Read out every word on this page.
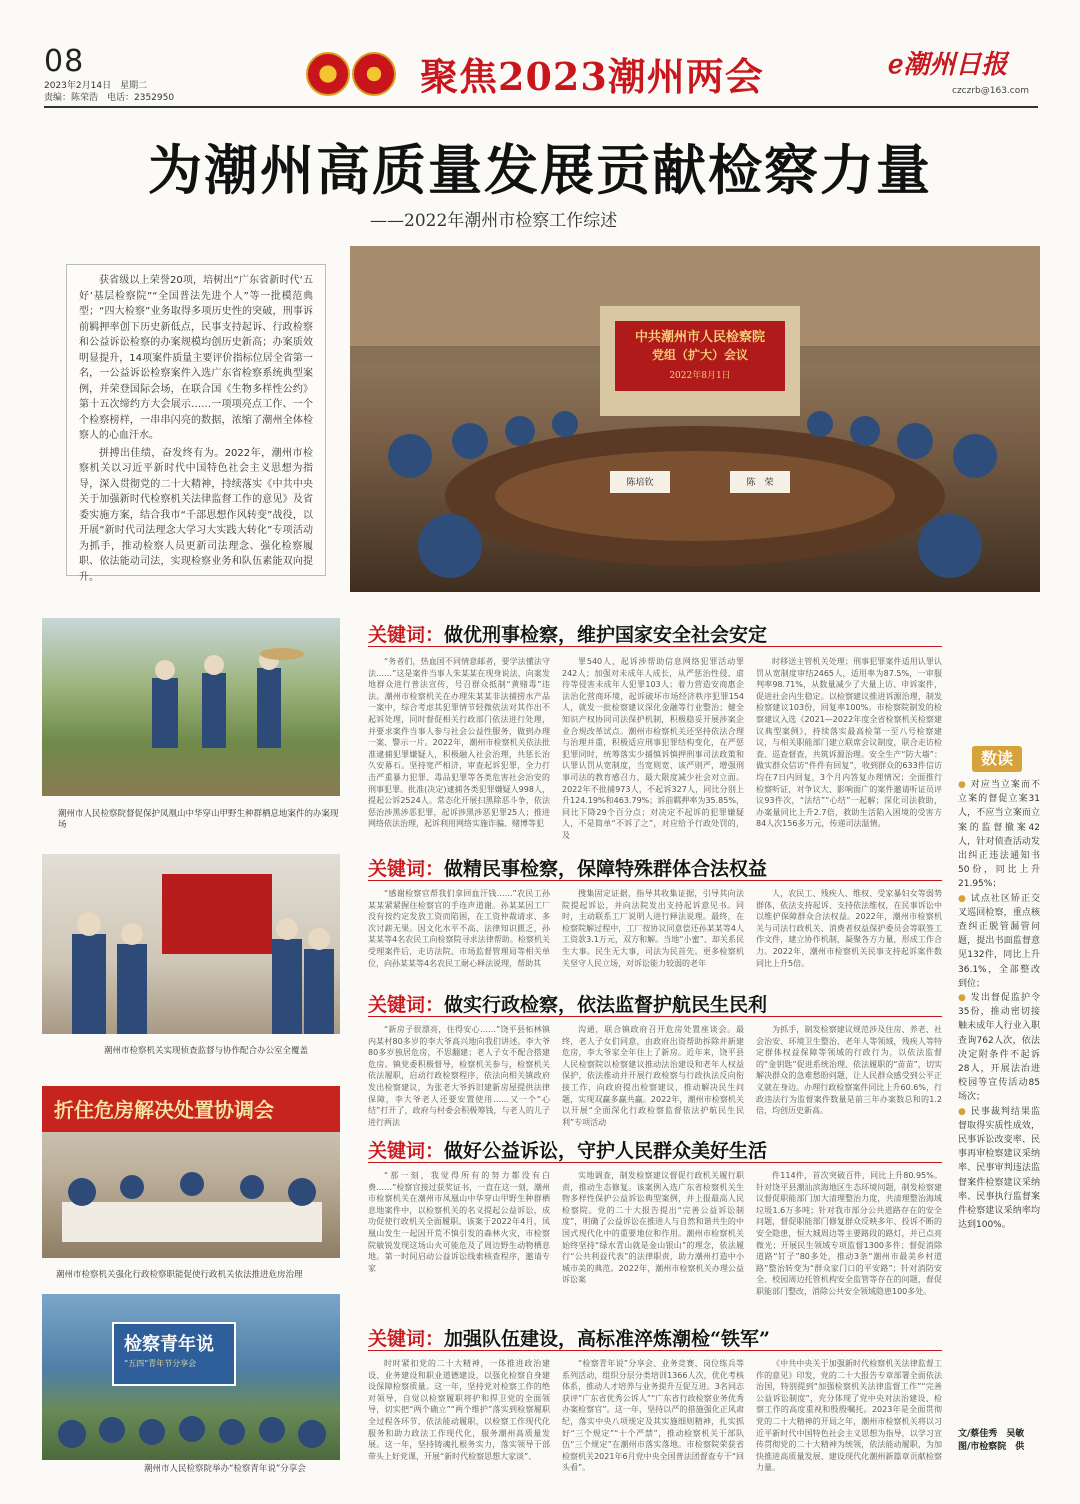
08
2023年2月14日　星期二
责编：陈荣浩　电话：2352950	聚焦2023潮州两会	ℯ潮州日报
czczrb@163.com
为潮州高质量发展贡献检察力量
——2022年潮州市检察工作综述

获省级以上荣誉20项，培树出“广东省新时代‘五好’基层检察院”“全国普法先进个人”等一批模范典型；“四大检察”业务取得多项历史性的突破，刑事诉前羁押率创下历史新低点，民事支持起诉、行政检察和公益诉讼检察的办案规模均创历史新高；办案质效明显提升，14项案件质量主要评价指标位居全省第一名，一公益诉讼检察案件入选广东省检察系统典型案例，并荣登国际会场，在联合国《生物多样性公约》第十五次缔约方大会展示……一项项亮点工作、一个个检察榜样，一串串闪亮的数据，浓缩了潮州全体检察人的心血汗水。

拼搏出佳绩，奋发终有为。2022年，潮州市检察机关以习近平新时代中国特色社会主义思想为指导，深入贯彻党的二十大精神，持续落实《中共中央关于加强新时代检察机关法律监督工作的意见》及省委实施方案，结合我市“千部思想作风转变”战役，以开展“新时代司法理念大学习大实践大转化”专项活动为抓手，推动检察人员更新司法理念、强化检察履职、依法能动司法，实现检察业务和队伍素能双向提升。

中共潮州市人民检察院
党组（扩大）会议
2022年8月1日
陈培钦	陈　荣
潮州市人民检察院督促保护凤凰山中华穿山甲野生种群栖息地案件的办案现场
潮州市检察机关实现侦查监督与协作配合办公室全覆盖
折住危房解决处置协调会
潮州市检察机关强化行政检察职能促使行政机关依法推进危房治理
检察青年说
“五四”青年节分享会
潮州市人民检察院举办“检察青年说”分享会
关键词：做优刑事检察，维护国家安全社会安定

“务者们，热血国不同情意邮者，要学法懂法守法……”这是案件当事人朱某某在现身说法，向案发地群众进行普法宣传，号召群众抵制“黄赌毒”违法。潮州市检察机关在办理朱某某非法捕捞水产品一案中，综合考虑其犯罪情节轻微依法对其作出不起诉处理，同时督促相关行政部门依法进行处理，并要求案件当事人参与社会公益性服务，做到办理一案、警示一片。2022年，潮州市检察机关依法批准逮捕犯罪嫌疑人，积极融入社会治理，共惩长治久安幕石。坚持宽严相济，审查起诉犯罪，全力打击严重暴力犯罪、毒品犯罪等各类危害社会治安的刑事犯罪。批准(决定)逮捕各类犯罪嫌疑人998人，提起公诉2524人。常态化开展扫黑除恶斗争，依法惩治涉黑涉恶犯罪，起诉涉黑涉恶犯罪25人；推进网络依法治理，起诉利用网络实施诈骗、赌博等犯

罪540人，起诉涉帮助信息网络犯罪活动罪242人；加强对未成年人成长，从严惩治性侵、虐待等侵害未成年人犯罪103人；着力营造安商惠企法治化营商环境，起诉破坏市场经济秩序犯罪154人，就发一批检察建议深化金融等行业整治；健全知识产权协同司法保护机制，积极稳妥开展涉案企业合规改革试点。潮州市检察机关还坚持依法合理与治理并重，积极适应刑事犯罪结构变化，在严惩犯罪同时，统筹落实少捕慎诉慎押刑事司法政策和认罪认罚从宽制度，当宽则宽、该严则严，增强刑事司法的教育感召力，最大限度减少社会对立面。2022年不批捕973人，不起诉327人，同比分别上升124.19%和463.79%；诉前羁押率为35.85%，同比下降29个百分点；对决定不起诉的犯罪嫌疑人，不是简单“不诉了之”，对应给予行政处罚的，及

时移送主管机关处理；刑事犯罪案件适用认罪认罚从宽制度审结2465人，适用率为87.5%，一审服判率98.71%，从数量减少了大量上访、申诉案件，促进社会内生稳定。以检察建议推进诉源治理，制发检察建议103份，回复率100%。市检察院制发的检察建议入选《2021—2022年度全省检察机关检察建议典型案例》，持续落实最高检第一至八号检察建议，与相关职能部门建立联席会议制度，联合走访检查、巡查督查，共筑诉源治理。安全生产“防大墙”：做实群众信访“件件有回复”，收到群众的633件信访均在7日内回复，3个月内答复办理情况；全面推行检察听证，对争议大、影响面广的案件邀请听证员评议93件次，“法结”“心结”一起解；深化司法救助，办案量同比上升2.7倍，救助生活陷入困境的受害方84人次156多万元，传递司法温情。

关键词：做精民事检察，保障特殊群体合法权益

“感谢检察官帮我们拿回血汗钱……”农民工孙某某紧紧握住检察官的手连声道谢。孙某某因工厂没有按约定发放工资而陷困，在工资仲裁请求、多次讨薪无果。因文化水平不高、法律知识匮乏，孙某某等4名农民工向检察院寻求法律帮助。检察机关受理案件后，走访法院、市场监督管理局等相关单位，向孙某某等4名农民工耐心释法说理，帮助其

搜集固定证据，指导其收集证据，引导其向法院提起诉讼，并向法院发出支持起诉意见书。同时，主动联系工厂说明人进行释法说理。最终，在检察院解过程中，工厂按协议同意偿还孙某某等4人工资款3.1万元，双方和解。当地“小蜜”、却关系民生大事。民生无大事，司法为民首先。更多检察机关坚守人民立场，对诉讼能力较弱的老年

人，农民工、残疾人、维权、受家暴妇女等弱势群体，依法支持起诉、支持依法维权，在民事诉讼中以维护保障群众合法权益。2022年，潮州市检察机关与司法行政机关、消费者权益保护委员会等联签工作文件，建立协作机制，凝聚各方力量，形成工作合力。2022年，潮州市检察机关民事支持起诉案件数同比上升5倍。

关键词：做实行政检察，依法监督护航民生民利

“新房子很漂亮，住得安心……”饶平县柘林镇内某村80多岁的李大爷高兴地向我们讲述。李大爷80多岁独居危房，不思翻建；老人子女不配合搭建危房。镇党委积极督导，检察机关参与，检察机关依法履职，启动行政检察程序，依法向相关镇政府发出检察建议，为张老大爷拆旧建新房屋提供法律保障，李大爷老人还要安置使用……又一个“心结”打开了，政府与村委会积极筹钱，与老人的儿子进行两法

沟通，联合镇政府召开危房处置座谈会。最终，老人子女们同意，由政府出资帮助拆除并新建危房，李大爷家全年住上了新房。近年来，饶平县人民检察院以检察建议推动法治建设和老年人权益保护，依法推动并开展行政检察与行政执法反向衔接工作，向政府提出检察建议，推动解决民生问题，实现双赢多赢共赢。2022年，潮州市检察机关以开展“全面深化行政检察监督依法护航民生民利”专项活动

为抓手，制发检察建议规范涉及住房、养老、社会治安、环境卫生整治、老年人等领域，残疾人等特定群体权益保障等领域的行政行为，以依法监督的“金钥匙”促进系统治理、依法履职的“苗苗”，切实解决群众的急难愁盼问题，让人民群众感受到公平正义就在身边。办理行政检察案件同比上升60.6%，行政违法行为监督案件数量是前三年办案数总和的1.2倍，均创历史新高。

关键词：做好公益诉讼，守护人民群众美好生活

“那一刻，我觉得所有的努力都没有白费……”检察官接过获奖证书，一直在这一刻，潮州市检察机关在潮州市凤凰山中华穿山甲野生种群栖息地案件中，以检察机关的名义提起公益诉讼，成功促使行政机关全面履职。该案于2022年4月，凤凰山发生一起因开荒不慎引发的森林火灾，市检察院敏锐发现这场山火可能危及了周边野生动物栖息地。第一时间启动公益诉讼线索核查程序，邀请专家

实地调查，制发检察建议督促行政机关履行职责，推动生态修复。该案例入选广东省检察机关生物多样性保护公益诉讼典型案例，并上报最高人民检察院。党的二十大报告提出“完善公益诉讼制度”，明确了公益诉讼在推进人与自然和谐共生的中国式现代化中的重要地位和作用。潮州市检察机关始终坚持“绿水青山就是金山银山”的理念，依法履行“公共利益代表”的法律职责，助力潮州打造中小城市美的典范。2022年，潮州市检察机关办理公益诉讼案

件114件，首次突破百件，同比上升80.95%。针对饶平县潮汕滨海地区生态环境问题，制发检察建议督促职能部门加大清理整治力度，共清理整治海域垃圾1.6万多吨；针对我市部分公共道路存在的安全问题，督促职能部门修复群众反映多年、投诉不断的安全隐患，恒大城周边等主要路段的路灯，并已点亮微光；开展民生领域专项监督1300多件；督促消除道路“钉子”80多处，推动3条“潮州市最美乡村道路”整治转变为“群众家门口的平安路”；针对消防安全、校园周边托管机构安全监管等存在的问题，督促职能部门整改，消除公共安全领域隐患100多处。

关键词：加强队伍建设，高标准淬炼潮检“铁军”

时时紧扣党的二十大精神，一体推进政治建设、业务建设和职业道德建设，以强化检察自身建设保障检察质量。这一年，坚持党对检察工作的绝对领导，自觉以检察履职将护和捍卫党的全面领导，切实把“两个确立”“两个维护”落实到检察履职全过程各环节，依法能动履职，以检察工作现代化服务和助力政法工作现代化，服务潮州高质量发展。这一年，坚持铸魂扎根务实力，落实领导干部带头上好党课，开展“新时代检察思想大家谈”、

“检察青年说”分享会、业务竞赛、岗位练兵等系列活动，组织分层分类培训1366人次，优化考核体系，推动人才培养与业务提升互促互进。3名同志获评“广东省优秀公诉人”“广东省行政检察业务优秀办案检察官”。这一年，坚持以严的措施强化正风肃纪，落实中央八项规定及其实施细则精神，扎实抓好“三个规定”“十个严禁”，推动检察机关干部队伍“三个规定”在潮州市落实落地。市检察院荣获省检察机关2021年6月党中央全国普法团督查专干“回头看”。

《中共中央关于加强新时代检察机关法律监督工作的意见》印发，党的二十大报告专章部署全面依法治国，特别提到“加强检察机关法律监督工作”“完善公益诉讼制度”，充分体现了党中央对法治建设、检察工作的高度重视和殷殷嘱托。2023年是全面贯彻党的二十大精神的开局之年，潮州市检察机关将以习近平新时代中国特色社会主义思想为指导，以学习宣传贯彻党的二十大精神为统领，依法能动履职，为加快推进高质量发展、建设现代化潮州新篇章贡献检察力量。

数读

● 对应当立案而不立案的督促立案31人，不应当立案而立案的监督撤案42人，针对侦查活动发出纠正违法通知书50份，同比上升21.95%；

● 试点社区矫正交叉巡回检察，重点核查纠正脱管漏管问题，提出书面监督意见132件，同比上升36.1%，全部整改到位；

● 发出督促监护令35份，推动密切接触未成年人行业入职查询762人次，依法决定附条件不起诉28人，开展法治进校园等宣传活动85场次；

● 民事裁判结果监督取得实质性成效，民事诉讼改变率、民事再审检察建议采纳率、民事审判违法监督案件检察建议采纳率、民事执行监督案件检察建议采纳率均达到100%。

文/蔡佳秀　吴敏
图/市检察院　供
